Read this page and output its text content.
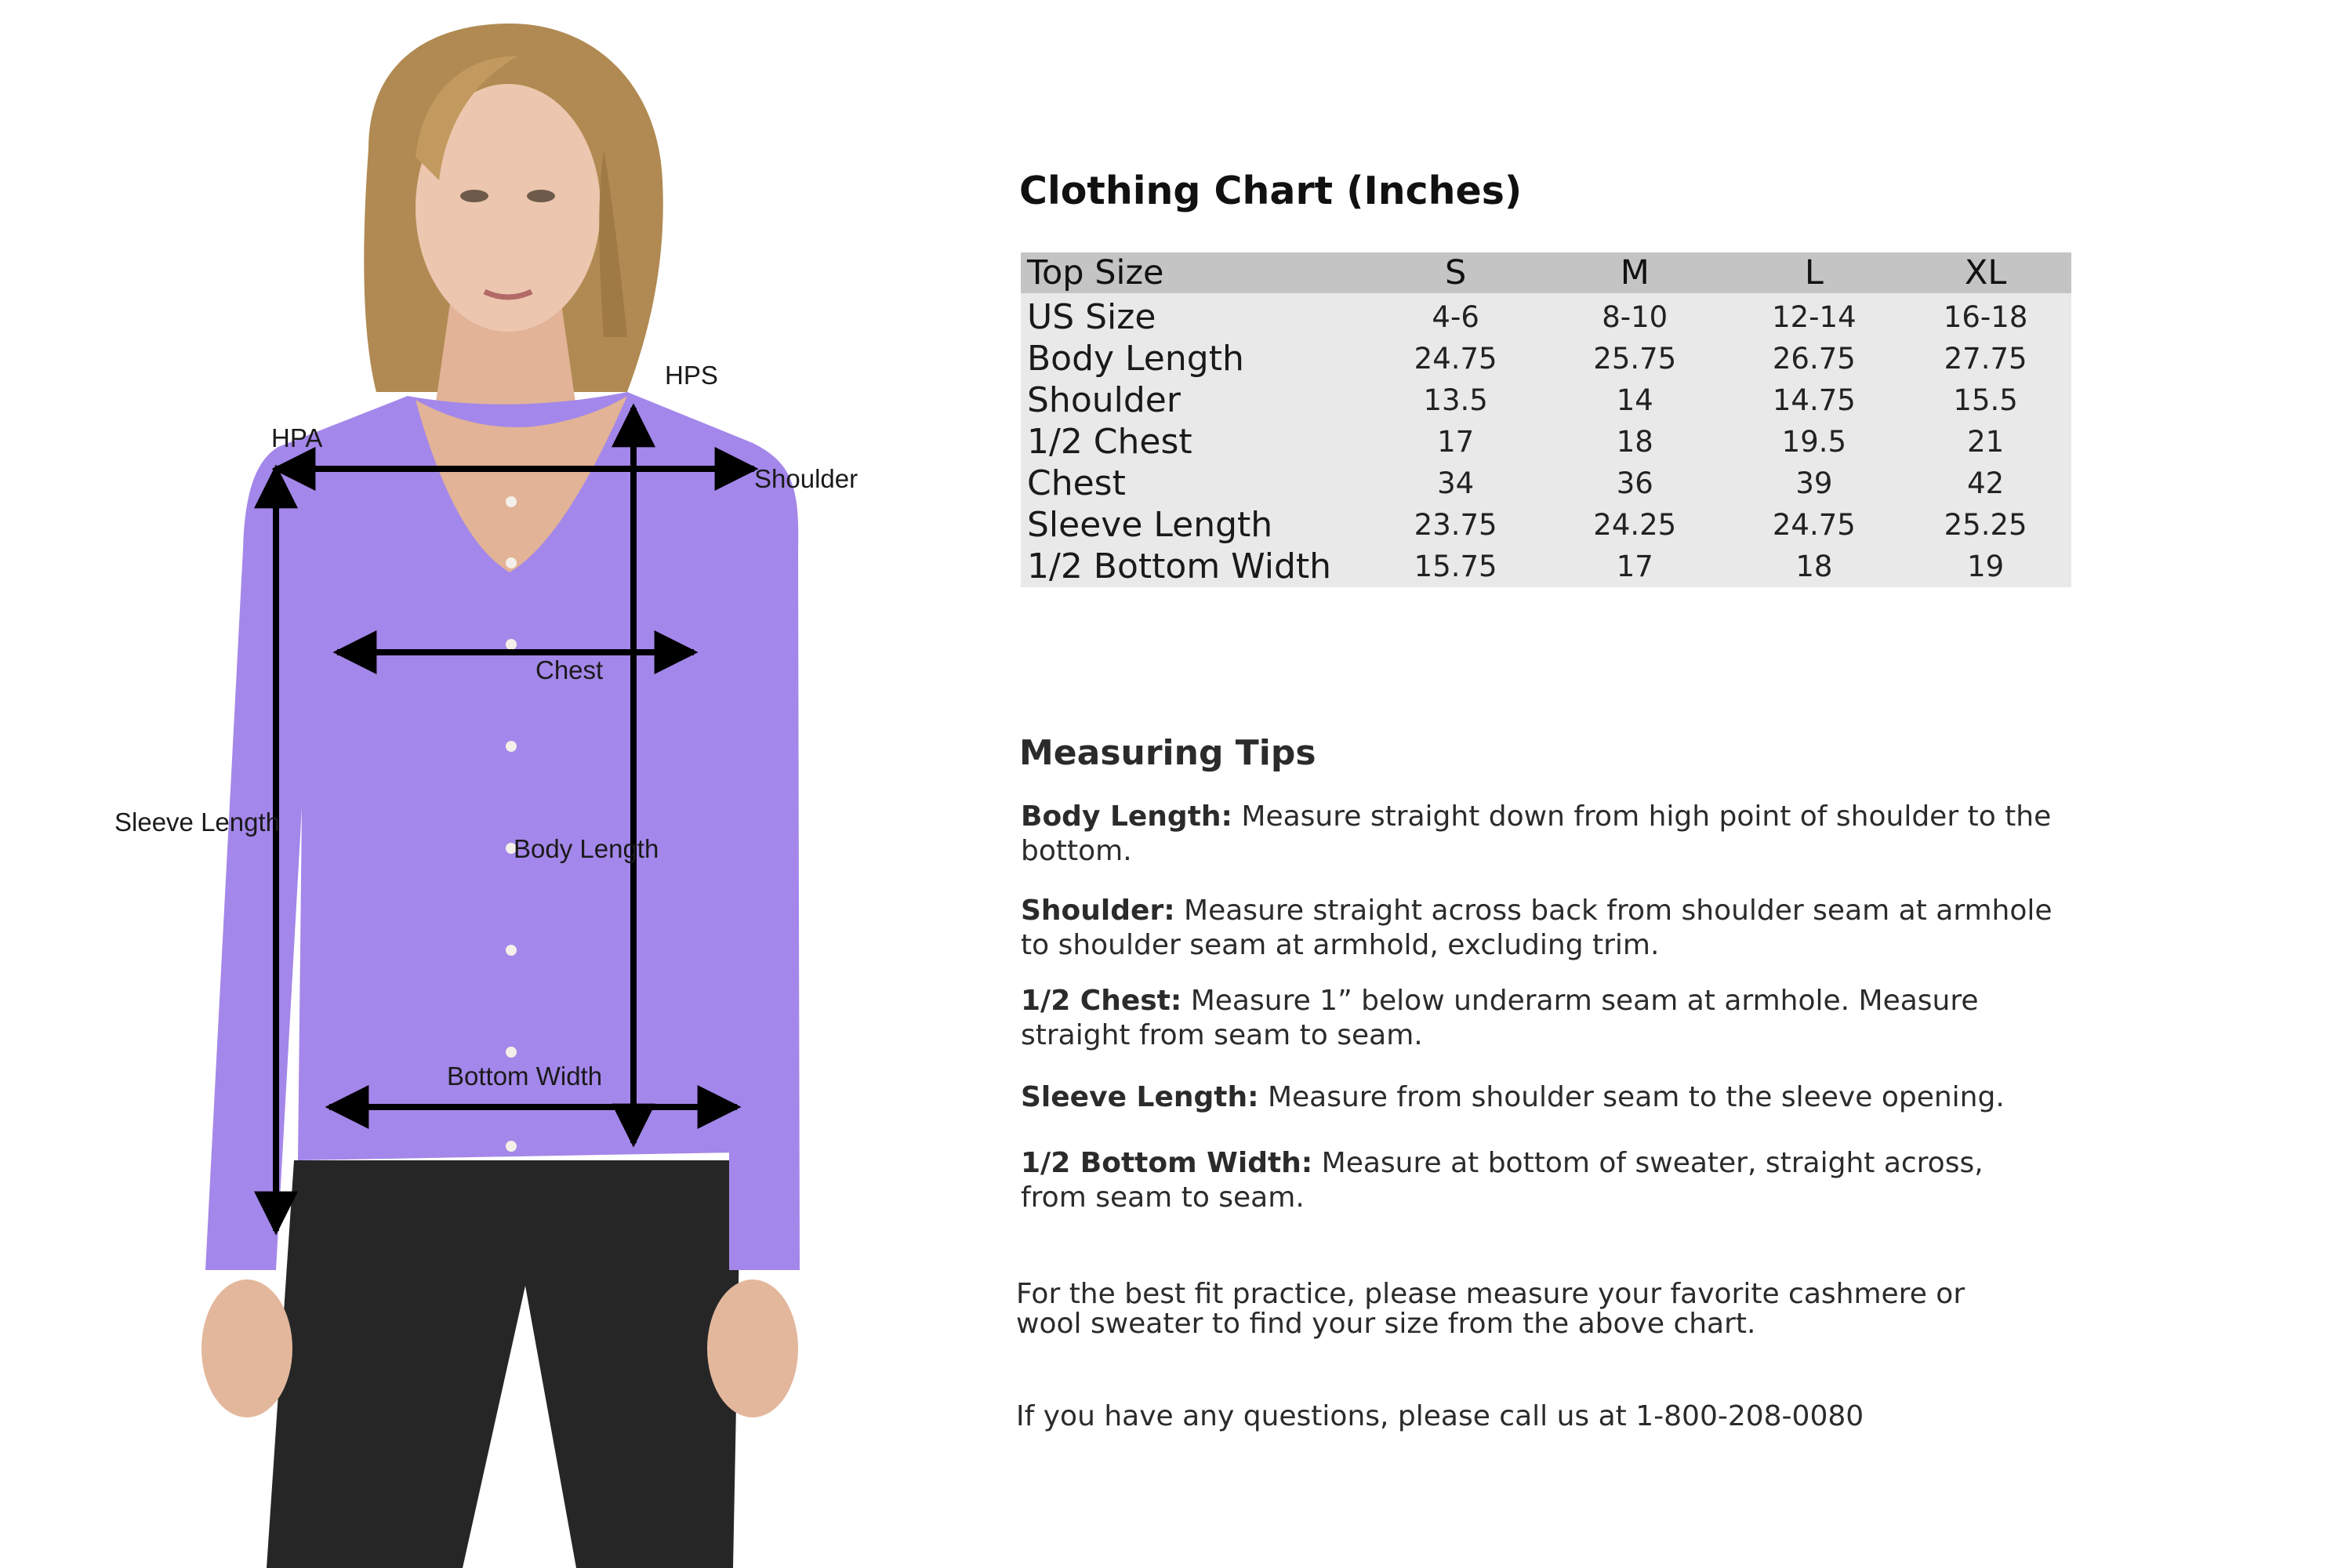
HPS
HPA
Shoulder
Chest
Sleeve Length
Body Length
Bottom Width
Clothing Chart (Inches)
Top Size	S	M	L	XL
US Size	4-6	8-10	12-14	16-18
Body Length	24.75	25.75	26.75	27.75
Shoulder	13.5	14	14.75	15.5
1/2 Chest	17	18	19.5	21
Chest	34	36	39	42
Sleeve Length	23.75	24.25	24.75	25.25
1/2 Bottom Width	15.75	17	18	19
Measuring Tips

Body Length: Measure straight down from high point of shoulder to the bottom.

Shoulder: Measure straight across back from shoulder seam at armhole to shoulder seam at armhold, excluding trim.

1/2 Chest: Measure 1” below underarm seam at armhole. Measure straight from seam to seam.

Sleeve Length: Measure from shoulder seam to the sleeve opening.

1/2 Bottom Width: Measure at bottom of sweater, straight across, from seam to seam.

For the best fit practice, please measure your favorite cashmere or wool sweater to find your size from the above chart.

If you have any questions, please call us at 1-800-208-0080
